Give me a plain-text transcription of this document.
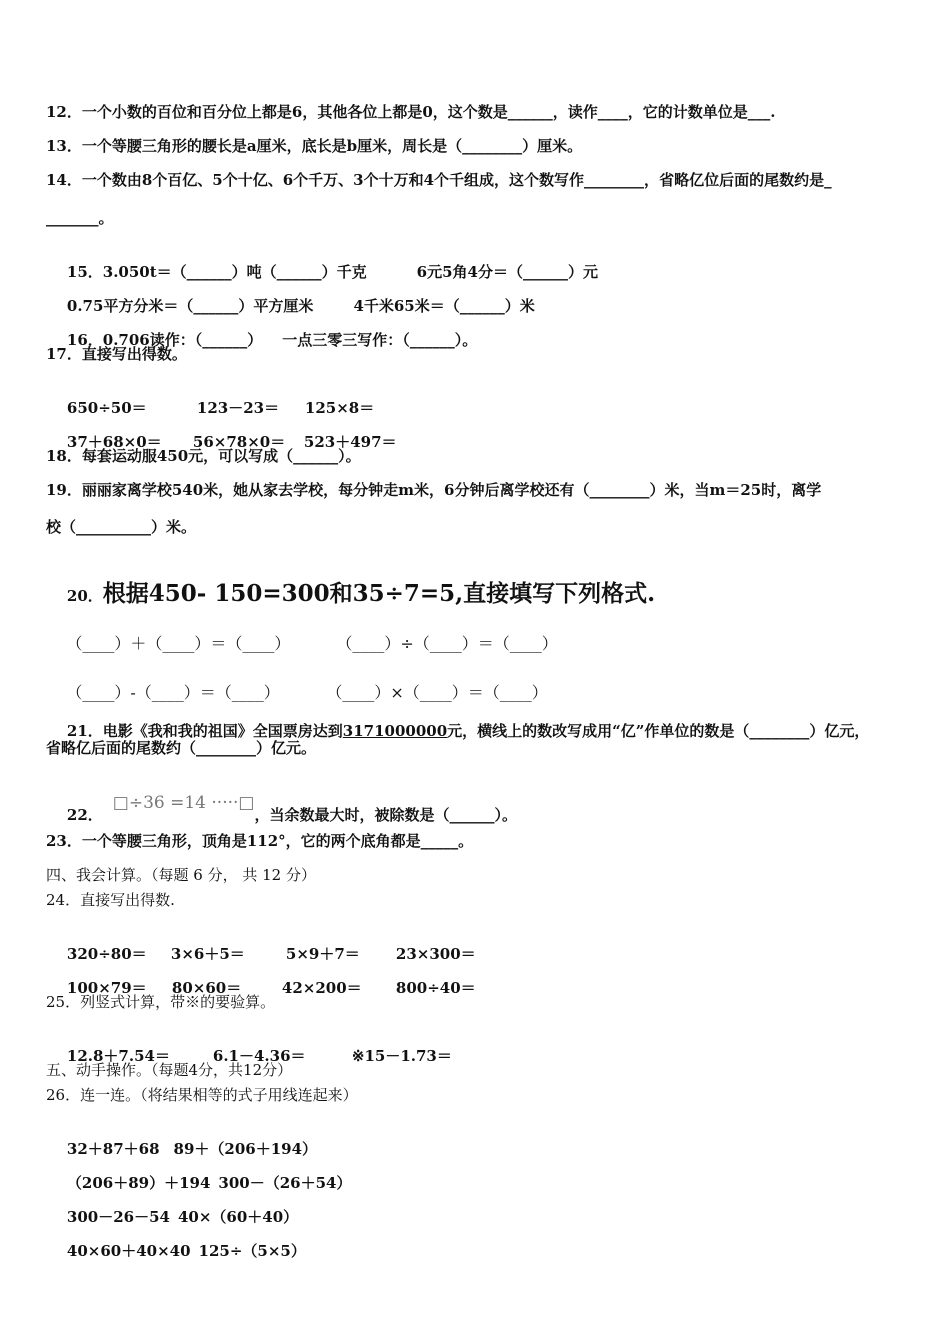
12．一个小数的百位和百分位上都是6，其他各位上都是0，这个数是______，读作____，它的计数单位是___.
13．一个等腰三角形的腰长是a厘米，底长是b厘米，周长是（________）厘米。
14．一个数由8个百亿、5个十亿、6个千万、3个十万和4个千组成，这个数写作________，省略亿位后面的尾数约是_
_______。

15．3.050t＝（______）吨（______）千克	6元5角4分＝（______）元

0.75平方分米＝（______）平方厘米	4千米65米＝（______）米

16．0.706读作：（______） 一点三零三写作：（______）。

17．直接写出得数。

650÷50＝	123－23＝ 125×8＝

37＋68×0＝ 56×78×0＝ 523＋497＝

18．每套运动服450元，可以写成（______）。
19．丽丽家离学校540米，她从家去学校，每分钟走m米，6分钟后离学校还有（________）米，当m＝25时，离学
校（__________）米。

20．根据450- 150=300和35÷7=5,直接填写下列格式.

（____）＋（____）＝（____）	（____）÷（____）＝（____）

（____）-（____）＝（____）	（____）×（____）＝（____）

21．电影《我和我的祖国》全国票房达到3171000000元，横线上的数改写成用“亿”作单位的数是（________）亿元，

省略亿后面的尾数约（________）亿元。

22．□÷36 =14 ·····□，当余数最大时，被除数是（______）。

23．一个等腰三角形，顶角是112°，它的两个底角都是_____。
四、我会计算。（每题 6 分， 共 12 分）
24．直接写出得数.

320÷80＝ 3×6＋5＝	5×9＋7＝ 23×300＝

100×79＝ 80×60＝	42×200＝ 800÷40＝

25．列竖式计算，带※的要验算。

12.8＋7.54＝	6.1－4.36＝	※15－1.73＝

五、动手操作。（每题4分，共12分）
26．连一连。（将结果相等的式子用线连起来）

32＋87＋68 89＋（206＋194）

（206＋89）＋194 300－（26＋54）

300－26－54 40×（60＋40）

40×60＋40×40 125÷（5×5）
